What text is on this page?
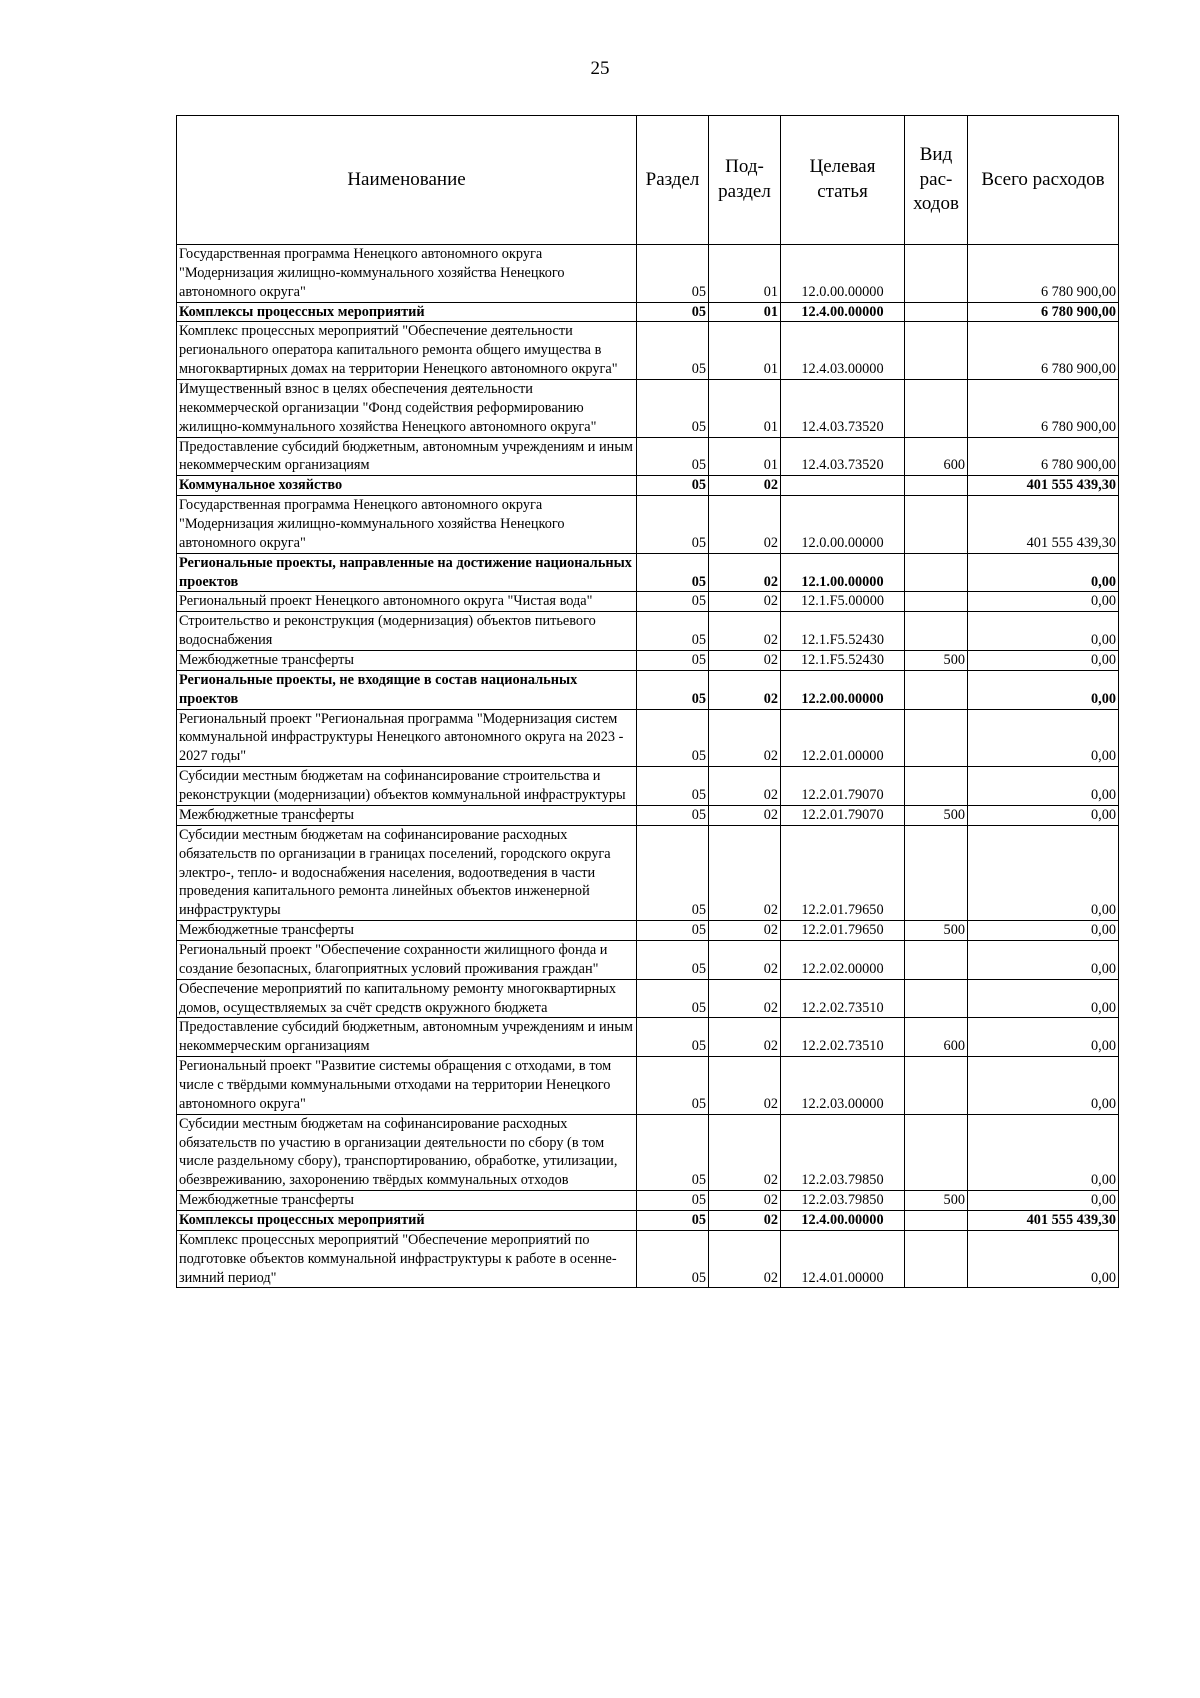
25
Наименование	Раздел	Под-раздел	Целевая статья	Вид рас-ходов	Всего расходов
Государственная программа Ненецкого автономного округа "Модернизация жилищно-коммунального хозяйства Ненецкого автономного округа"	05	01	12.0.00.00000		6 780 900,00
Комплексы процессных мероприятий	05	01	12.4.00.00000		6 780 900,00
Комплекс процессных мероприятий "Обеспечение деятельности регионального оператора капитального ремонта общего имущества в многоквартирных домах на территории Ненецкого автономного округа"	05	01	12.4.03.00000		6 780 900,00
Имущественный взнос в целях обеспечения деятельности некоммерческой организации "Фонд содействия реформированию жилищно-коммунального хозяйства Ненецкого автономного округа"	05	01	12.4.03.73520		6 780 900,00
Предоставление субсидий бюджетным, автономным учреждениям и иным некоммерческим организациям	05	01	12.4.03.73520	600	6 780 900,00
Коммунальное хозяйство	05	02			401 555 439,30
Государственная программа Ненецкого автономного округа "Модернизация жилищно-коммунального хозяйства Ненецкого автономного округа"	05	02	12.0.00.00000		401 555 439,30
Региональные проекты, направленные на достижение национальных проектов	05	02	12.1.00.00000		0,00
Региональный проект Ненецкого автономного округа "Чистая вода"	05	02	12.1.F5.00000		0,00
Строительство и реконструкция (модернизация) объектов питьевого водоснабжения	05	02	12.1.F5.52430		0,00
Межбюджетные трансферты	05	02	12.1.F5.52430	500	0,00
Региональные проекты, не входящие в состав национальных проектов	05	02	12.2.00.00000		0,00
Региональный проект "Региональная программа "Модернизация систем коммунальной инфраструктуры Ненецкого автономного округа на 2023 - 2027 годы"	05	02	12.2.01.00000		0,00
Субсидии местным бюджетам на софинансирование строительства и реконструкции (модернизации) объектов коммунальной инфраструктуры	05	02	12.2.01.79070		0,00
Межбюджетные трансферты	05	02	12.2.01.79070	500	0,00
Субсидии местным бюджетам на софинансирование расходных обязательств по организации в границах поселений, городского округа электро-, тепло- и водоснабжения населения, водоотведения в части проведения капитального ремонта линейных объектов инженерной инфраструктуры	05	02	12.2.01.79650		0,00
Межбюджетные трансферты	05	02	12.2.01.79650	500	0,00
Региональный проект "Обеспечение сохранности жилищного фонда и создание безопасных, благоприятных условий проживания граждан"	05	02	12.2.02.00000		0,00
Обеспечение мероприятий по капитальному ремонту многоквартирных домов, осуществляемых за счёт средств окружного бюджета	05	02	12.2.02.73510		0,00
Предоставление субсидий бюджетным, автономным учреждениям и иным некоммерческим организациям	05	02	12.2.02.73510	600	0,00
Региональный проект "Развитие системы обращения с отходами, в том числе с твёрдыми коммунальными отходами на территории Ненецкого автономного округа"	05	02	12.2.03.00000		0,00
Субсидии местным бюджетам на софинансирование расходных обязательств по участию в организации деятельности по сбору (в том числе раздельному сбору), транспортированию, обработке, утилизации, обезвреживанию, захоронению твёрдых коммунальных отходов	05	02	12.2.03.79850		0,00
Межбюджетные трансферты	05	02	12.2.03.79850	500	0,00
Комплексы процессных мероприятий	05	02	12.4.00.00000		401 555 439,30
Комплекс процессных мероприятий "Обеспечение мероприятий по подготовке объектов коммунальной инфраструктуры к работе в осенне-зимний период"	05	02	12.4.01.00000		0,00
